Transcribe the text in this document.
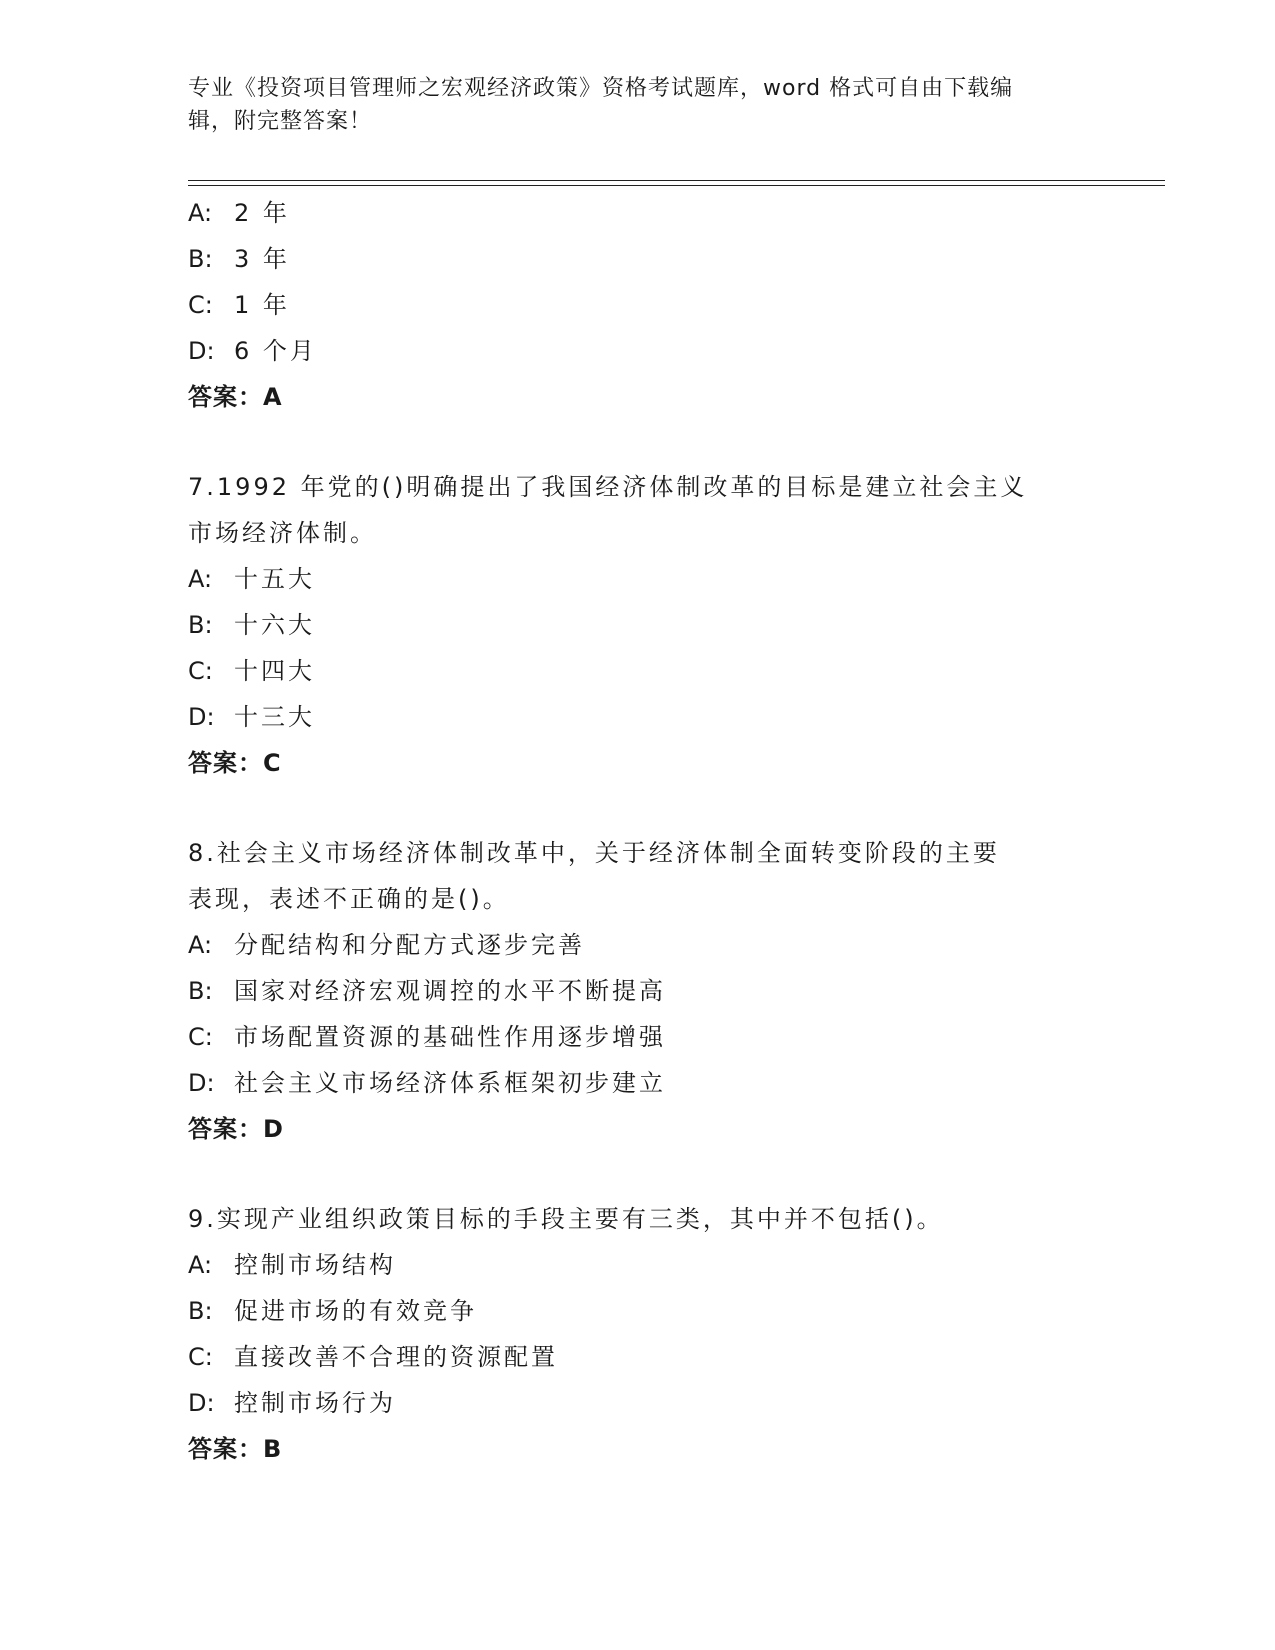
专业《投资项目管理师之宏观经济政策》资格考试题库，word 格式可自由下载编
辑，附完整答案！
A: 2 年
B: 3 年
C: 1 年
D: 6 个月
答案：A
7.1992 年党的()明确提出了我国经济体制改革的目标是建立社会主义
市场经济体制。
A: 十五大
B: 十六大
C: 十四大
D: 十三大
答案：C
8.社会主义市场经济体制改革中，关于经济体制全面转变阶段的主要
表现，表述不正确的是()。
A: 分配结构和分配方式逐步完善
B: 国家对经济宏观调控的水平不断提高
C: 市场配置资源的基础性作用逐步增强
D: 社会主义市场经济体系框架初步建立
答案：D
9.实现产业组织政策目标的手段主要有三类，其中并不包括()。
A: 控制市场结构
B: 促进市场的有效竞争
C: 直接改善不合理的资源配置
D: 控制市场行为
答案：B
